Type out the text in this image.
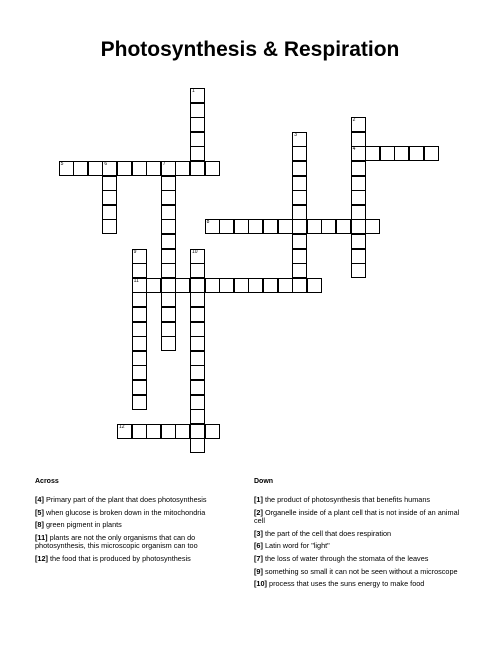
Photosynthesis & Respiration
1
2
4
3
5	6	7
8
9
11
10
12
Across	Down
[4] Primary part of the plant that does photosynthesis
[5] when glucose is broken down in the mitochondria
[8] green pigment in plants
[11] plants are not the only organisms that can do photosynthesis, this microscopic organism can too
[12] the food that is produced by photosynthesis
[1] the product of photosynthesis that benefits humans
[2] Organelle inside of a plant cell that is not inside of an animal cell
[3] the part of the cell that does respiration
[6] Latin word for "light"
[7] the loss of water through the stomata of the leaves
[9] something so small it can not be seen without a microscope
[10] process that uses the suns energy to make food
